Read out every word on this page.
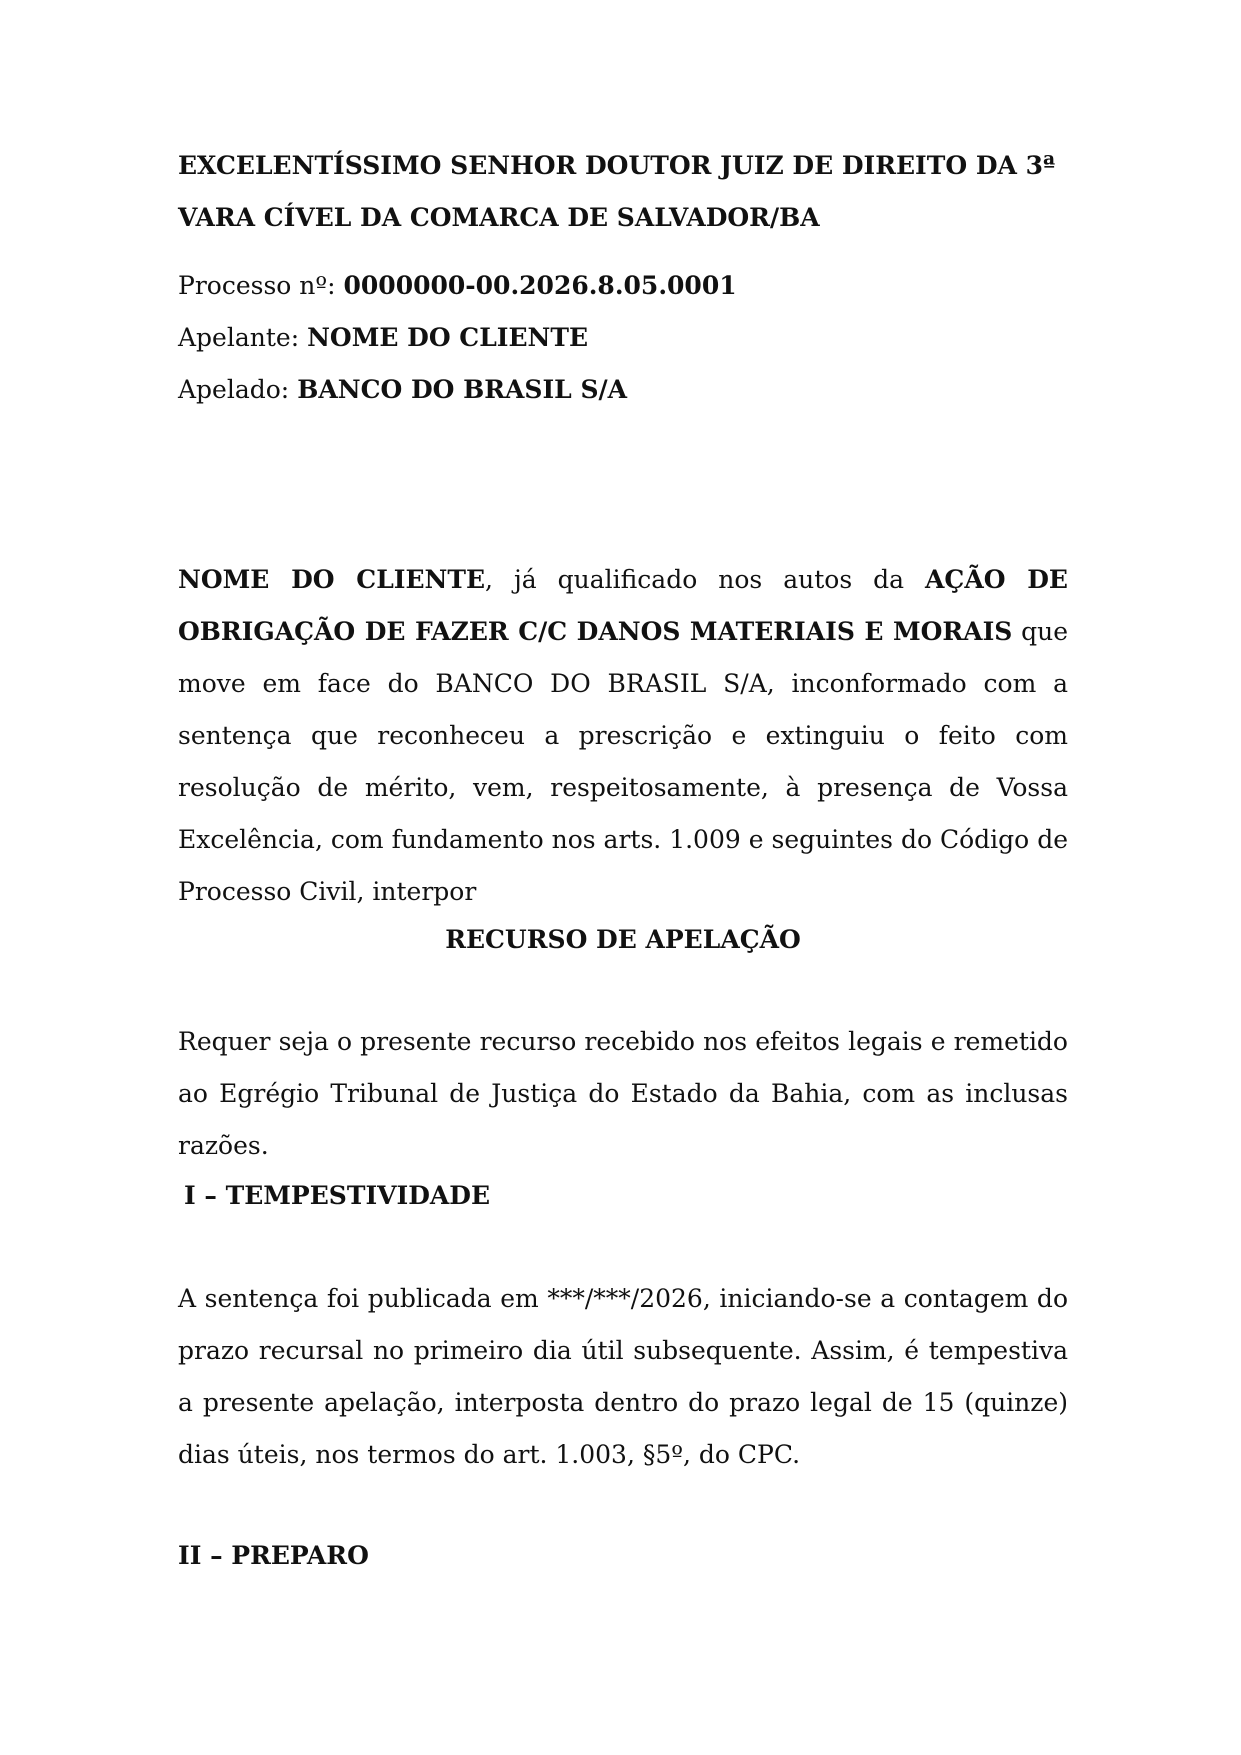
EXCELENTÍSSIMO SENHOR DOUTOR JUIZ DE DIREITO DA 3ª VARA CÍVEL DA COMARCA DE SALVADOR/BA

Processo nº: 0000000-00.2026.8.05.0001

Apelante: NOME DO CLIENTE

Apelado: BANCO DO BRASIL S/A

NOME DO CLIENTE, já qualificado nos autos da AÇÃO DE OBRIGAÇÃO DE FAZER C/C DANOS MATERIAIS E MORAIS que move em face do BANCO DO BRASIL S/A, inconformado com a sentença que reconheceu a prescrição e extinguiu o feito com resolução de mérito, vem, respeitosamente, à presença de Vossa Excelência, com fundamento nos arts. 1.009 e seguintes do Código de Processo Civil, interpor

RECURSO DE APELAÇÃO

Requer seja o presente recurso recebido nos efeitos legais e remetido ao Egrégio Tribunal de Justiça do Estado da Bahia, com as inclusas razões.

I – TEMPESTIVIDADE

A sentença foi publicada em ***/***/2026, iniciando-se a contagem do prazo recursal no primeiro dia útil subsequente. Assim, é tempestiva a presente apelação, interposta dentro do prazo legal de 15 (quinze) dias úteis, nos termos do art. 1.003, §5º, do CPC.

II – PREPARO
